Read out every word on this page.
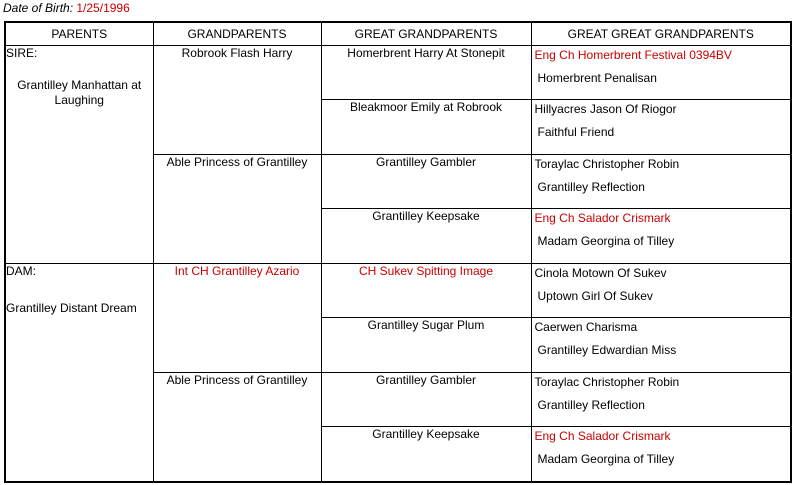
Date of Birth: 1/25/1996
PARENTS	GRANDPARENTS	GREAT GRANDPARENTS	GREAT GREAT GRANDPARENTS

SIRE:
Grantilley Manhattan at Laughing	Robrook Flash Harry	Homerbrent Harry At Stonepit	Eng Ch Homerbrent Festival 0394BV
Homerbrent Penalisan

		Bleakmoor Emily at Robrook	Hillyacres Jason Of Riogor
Faithful Friend

	Able Princess of Grantilley	Grantilley Gambler	Toraylac Christopher Robin
Grantilley Reflection

		Grantilley Keepsake	Eng Ch Salador Crismark
Madam Georgina of Tilley

DAM:
Grantilley Distant Dream	Int CH Grantilley Azario	CH Sukev Spitting Image	Cinola Motown Of Sukev
Uptown Girl Of Sukev

		Grantilley Sugar Plum	Caerwen Charisma
Grantilley Edwardian Miss

	Able Princess of Grantilley	Grantilley Gambler	Toraylac Christopher Robin
Grantilley Reflection

		Grantilley Keepsake	Eng Ch Salador Crismark
Madam Georgina of Tilley
